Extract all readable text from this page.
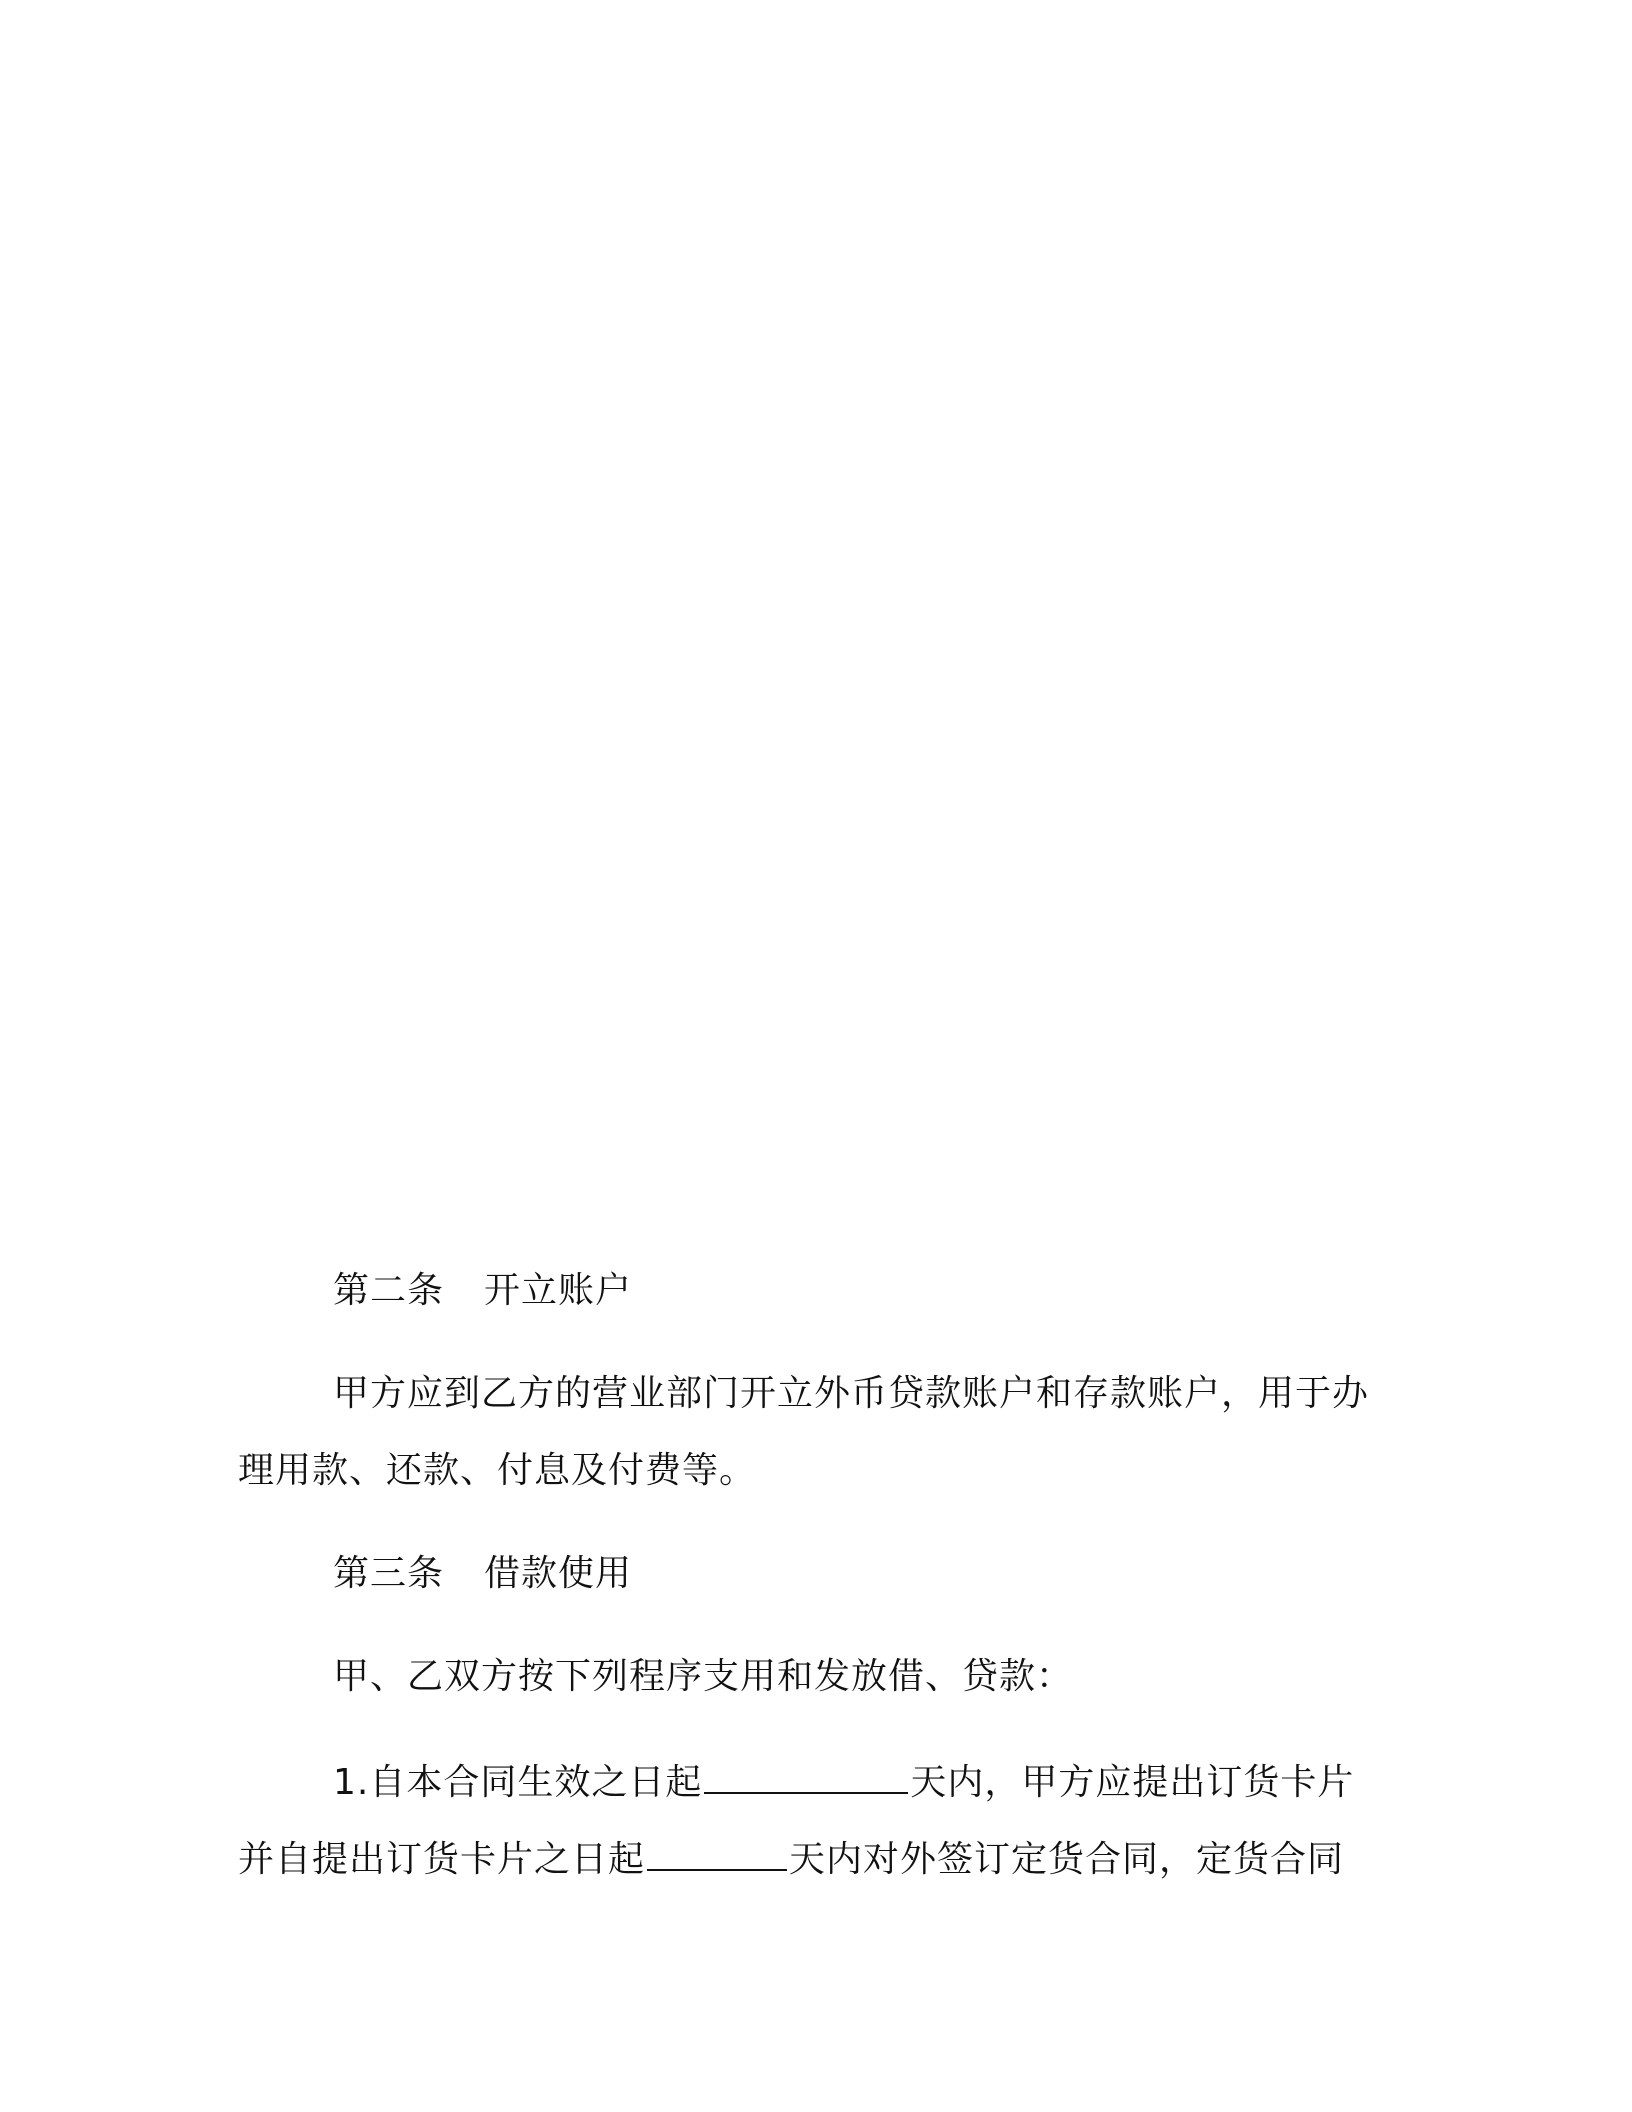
第二条 开立账户
甲方应到乙方的营业部门开立外币贷款账户和存款账户，用于办
理用款、还款、付息及付费等。
第三条 借款使用
甲、乙双方按下列程序支用和发放借、贷款：
1.自本合同生效之日起	天内，甲方应提出订货卡片
并自提出订货卡片之日起	天内对外签订定货合同，定货合同
